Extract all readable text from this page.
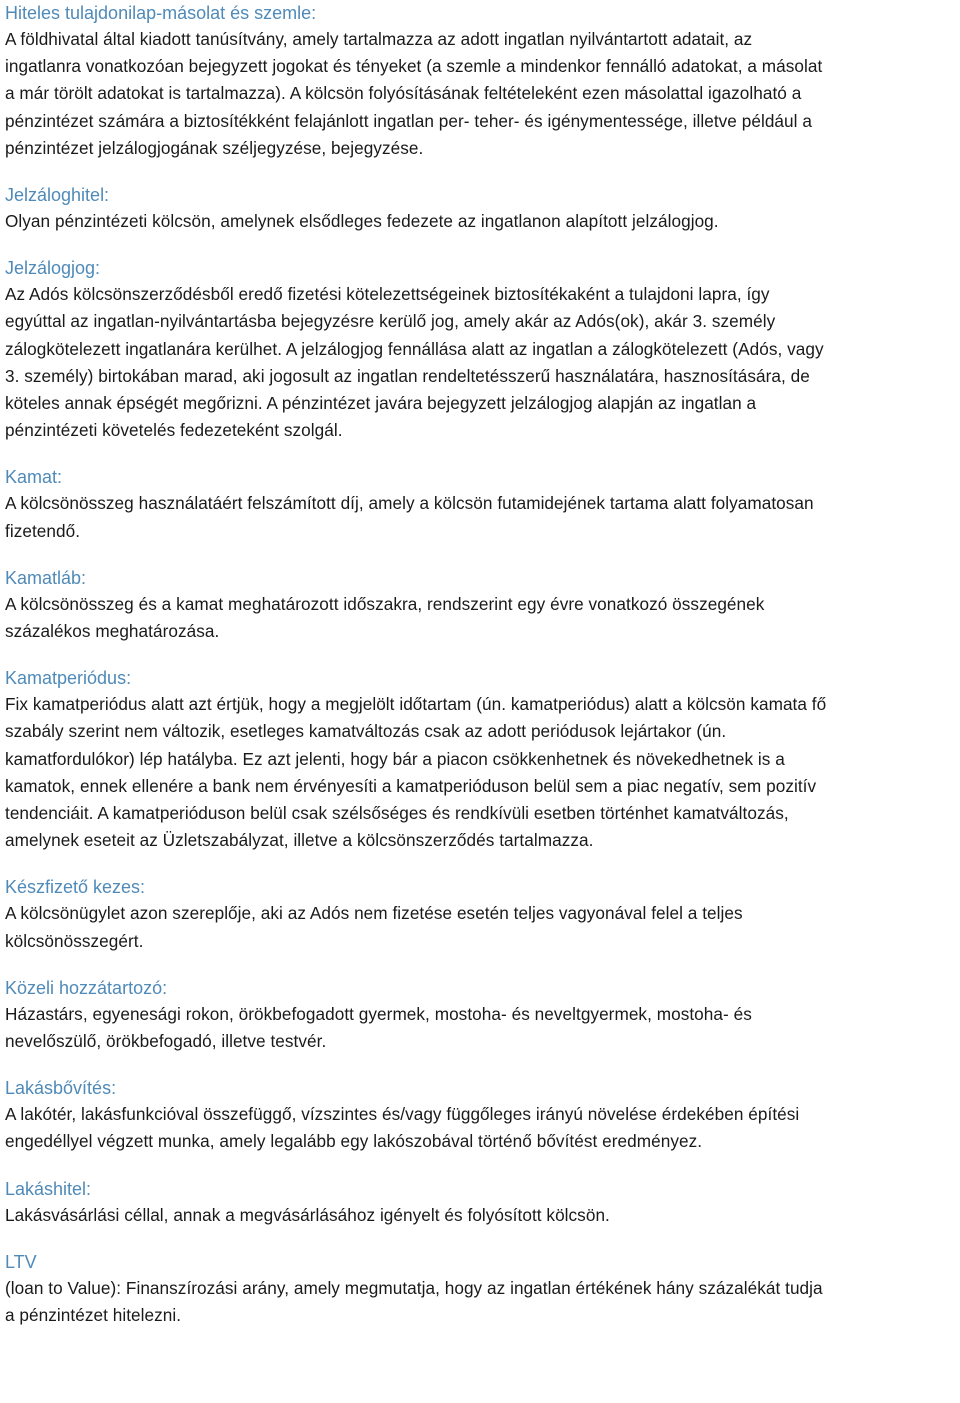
Hiteles tulajdonilap-másolat és szemle:
A földhivatal által kiadott tanúsítvány, amely tartalmazza az adott ingatlan nyilvántartott adatait, az
ingatlanra vonatkozóan bejegyzett jogokat és tényeket (a szemle a mindenkor fennálló adatokat, a másolat
a már törölt adatokat is tartalmazza). A kölcsön folyósításának feltételeként ezen másolattal igazolható a
pénzintézet számára a biztosítékként felajánlott ingatlan per- teher- és igénymentessége, illetve például a
pénzintézet jelzálogjogának széljegyzése, bejegyzése.
Jelzáloghitel:
Olyan pénzintézeti kölcsön, amelynek elsődleges fedezete az ingatlanon alapított jelzálogjog.
Jelzálogjog:
Az Adós kölcsönszerződésből eredő fizetési kötelezettségeinek biztosítékaként a tulajdoni lapra, így
egyúttal az ingatlan-nyilvántartásba bejegyzésre kerülő jog, amely akár az Adós(ok), akár 3. személy
zálogkötelezett ingatlanára kerülhet. A jelzálogjog fennállása alatt az ingatlan a zálogkötelezett (Adós, vagy
3. személy) birtokában marad, aki jogosult az ingatlan rendeltetésszerű használatára, hasznosítására, de
köteles annak épségét megőrizni. A pénzintézet javára bejegyzett jelzálogjog alapján az ingatlan a
pénzintézeti követelés fedezeteként szolgál.
Kamat:
A kölcsönösszeg használatáért felszámított díj, amely a kölcsön futamidejének tartama alatt folyamatosan
fizetendő.
Kamatláb:
A kölcsönösszeg és a kamat meghatározott időszakra, rendszerint egy évre vonatkozó összegének
százalékos meghatározása.
Kamatperiódus:
Fix kamatperiódus alatt azt értjük, hogy a megjelölt időtartam (ún. kamatperiódus) alatt a kölcsön kamata fő
szabály szerint nem változik, esetleges kamatváltozás csak az adott periódusok lejártakor (ún.
kamatfordulókor) lép hatályba. Ez azt jelenti, hogy bár a piacon csökkenhetnek és növekedhetnek is a
kamatok, ennek ellenére a bank nem érvényesíti a kamatperióduson belül sem a piac negatív, sem pozitív
tendenciáit. A kamatperióduson belül csak szélsőséges és rendkívüli esetben történhet kamatváltozás,
amelynek eseteit az Üzletszabályzat, illetve a kölcsönszerződés tartalmazza.
Készfizető kezes:
A kölcsönügylet azon szereplője, aki az Adós nem fizetése esetén teljes vagyonával felel a teljes
kölcsönösszegért.
Közeli hozzátartozó:
Házastárs, egyenesági rokon, örökbefogadott gyermek, mostoha- és neveltgyermek, mostoha- és
nevelőszülő, örökbefogadó, illetve testvér.
Lakásbővítés:
A lakótér, lakásfunkcióval összefüggő, vízszintes és/vagy függőleges irányú növelése érdekében építési
engedéllyel végzett munka, amely legalább egy lakószobával történő bővítést eredményez.
Lakáshitel:
Lakásvásárlási céllal, annak a megvásárlásához igényelt és folyósított kölcsön.
LTV
(loan to Value): Finanszírozási arány, amely megmutatja, hogy az ingatlan értékének hány százalékát tudja
a pénzintézet hitelezni.
